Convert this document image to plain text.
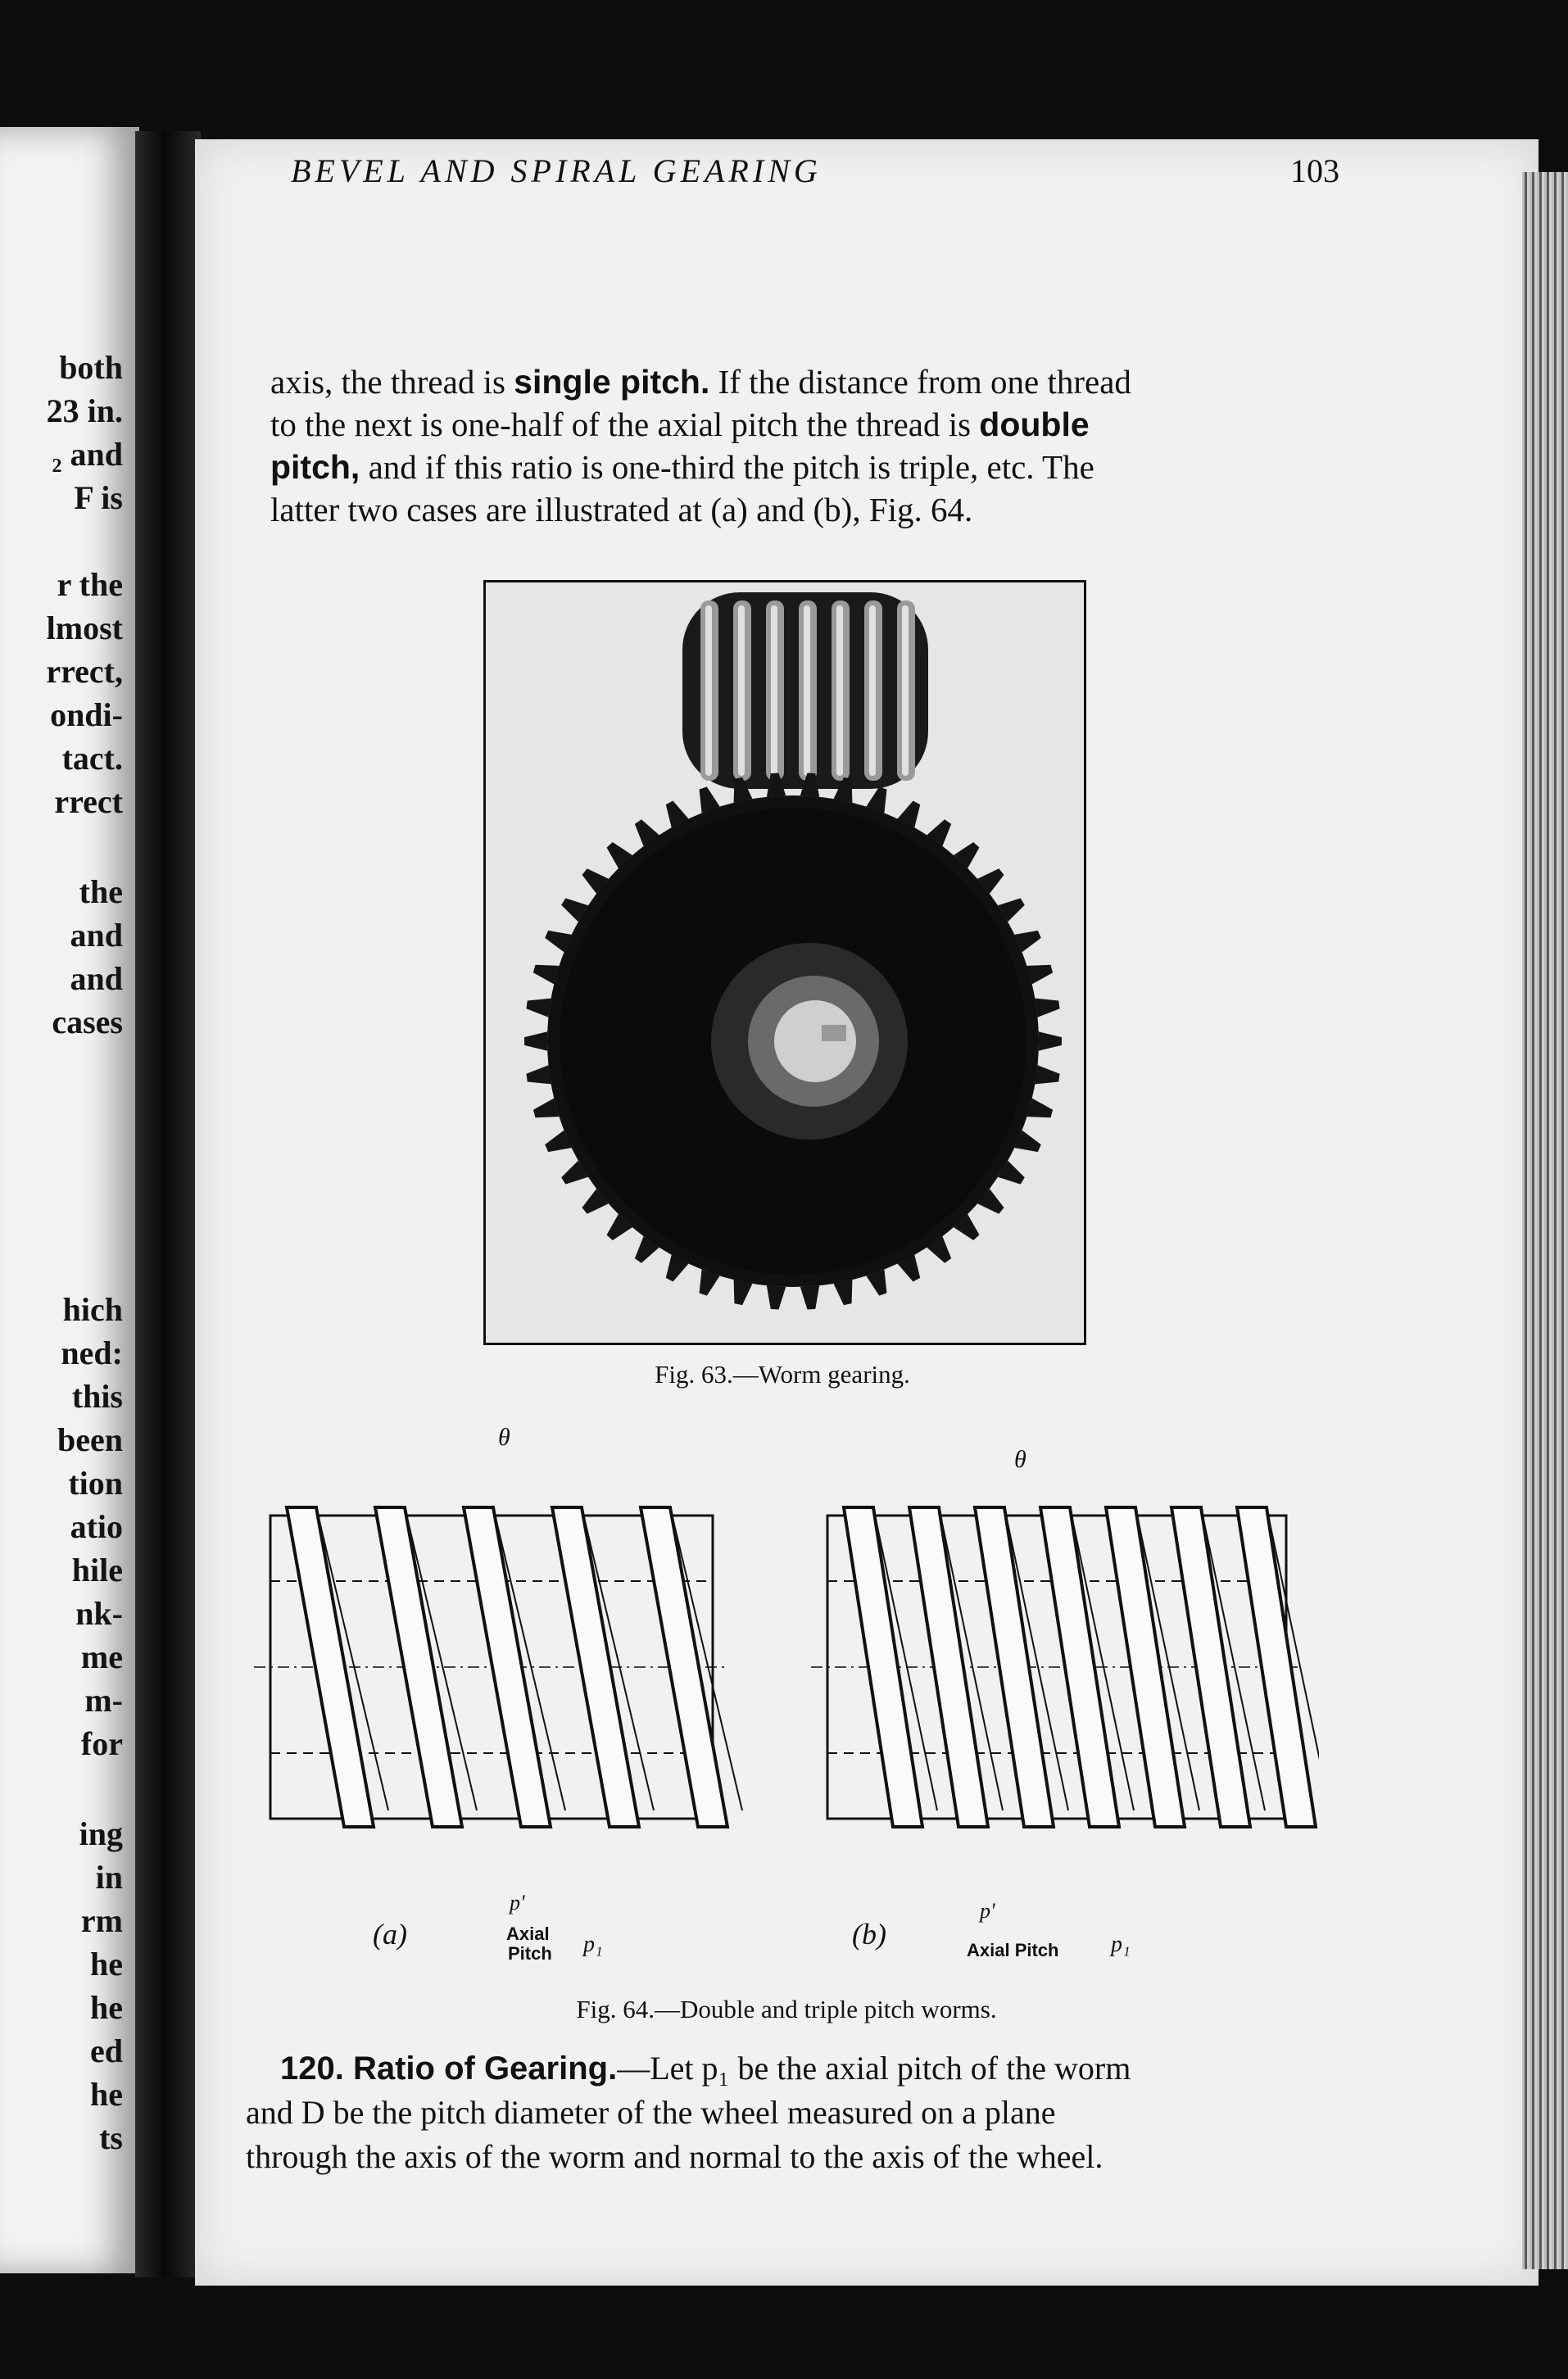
both
23 in.
₂ and
F is
r the
lmost
rrect,
ondi-
tact.
rrect
the
and
and
cases
hich
ned:
this
been
tion
atio
hile
nk-
me
m-
for
ing
in
rm
he
he
ed
he
ts
BEVEL AND SPIRAL GEARING	103
axis, the thread is single pitch. If the distance from one thread
to the next is one-half of the axial pitch the thread is double
pitch, and if this ratio is one-third the pitch is triple, etc. The
latter two cases are illustrated at (a) and (b), Fig. 64.
Fig. 63.—Worm gearing.
θ
θ
(a)
p'
Axial
Pitch p₁	(b)
p'
Axial Pitch p₁
Fig. 64.—Double and triple pitch worms.
120. Ratio of Gearing.—Let p₁ be the axial pitch of the worm
and D be the pitch diameter of the wheel measured on a plane
through the axis of the worm and normal to the axis of the wheel.
